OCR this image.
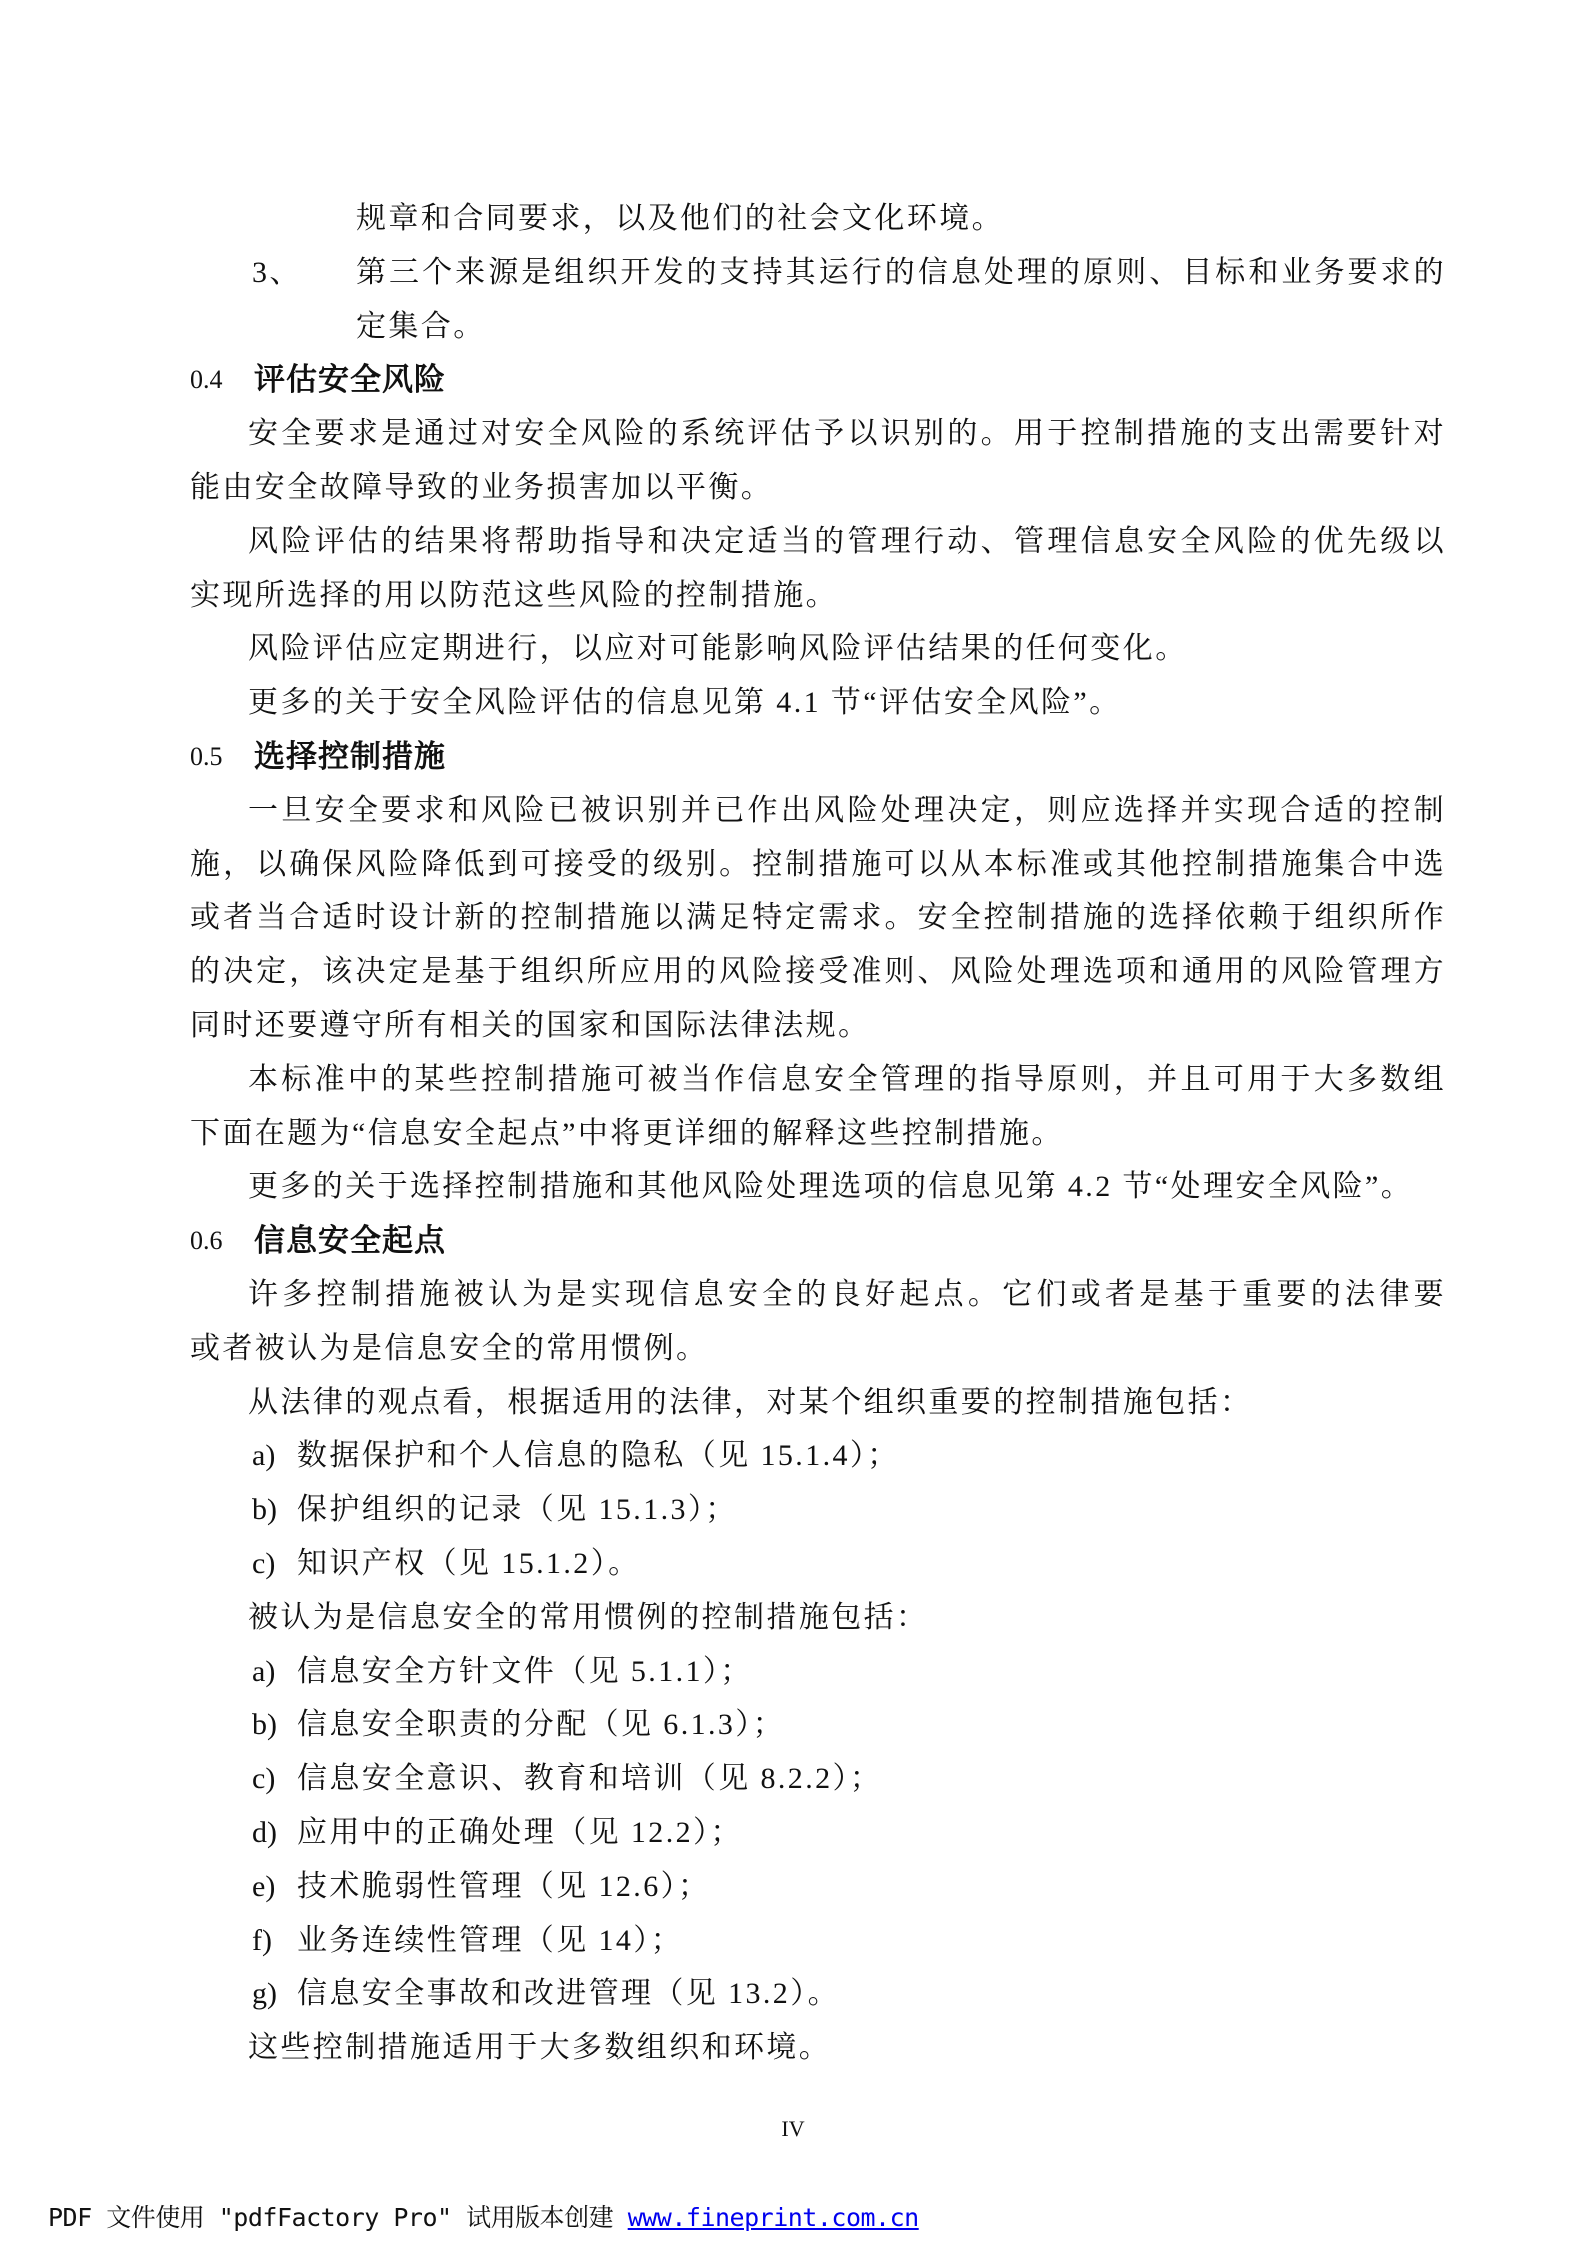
规章和合同要求，以及他们的社会文化环境。
3、 第三个来源是组织开发的支持其运行的信息处理的原则、目标和业务要求的
定集合。
0.4 评估安全风险
安全要求是通过对安全风险的系统评估予以识别的。用于控制措施的支出需要针对
能由安全故障导致的业务损害加以平衡。
风险评估的结果将帮助指导和决定适当的管理行动、管理信息安全风险的优先级以
实现所选择的用以防范这些风险的控制措施。
风险评估应定期进行，以应对可能影响风险评估结果的任何变化。
更多的关于安全风险评估的信息见第 4.1 节“评估安全风险”。
0.5 选择控制措施
一旦安全要求和风险已被识别并已作出风险处理决定，则应选择并实现合适的控制
施，以确保风险降低到可接受的级别。控制措施可以从本标准或其他控制措施集合中选
或者当合适时设计新的控制措施以满足特定需求。安全控制措施的选择依赖于组织所作
的决定，该决定是基于组织所应用的风险接受准则、风险处理选项和通用的风险管理方
同时还要遵守所有相关的国家和国际法律法规。
本标准中的某些控制措施可被当作信息安全管理的指导原则，并且可用于大多数组
下面在题为“信息安全起点”中将更详细的解释这些控制措施。
更多的关于选择控制措施和其他风险处理选项的信息见第 4.2 节“处理安全风险”。
0.6 信息安全起点
许多控制措施被认为是实现信息安全的良好起点。它们或者是基于重要的法律要
或者被认为是信息安全的常用惯例。
从法律的观点看，根据适用的法律，对某个组织重要的控制措施包括：
a) 数据保护和个人信息的隐私（见 15.1.4）；
b) 保护组织的记录（见 15.1.3）；
c) 知识产权（见 15.1.2）。
被认为是信息安全的常用惯例的控制措施包括：
a) 信息安全方针文件（见 5.1.1）；
b) 信息安全职责的分配（见 6.1.3）；
c) 信息安全意识、教育和培训（见 8.2.2）；
d) 应用中的正确处理（见 12.2）；
e) 技术脆弱性管理（见 12.6）；
f) 业务连续性管理（见 14）；
g) 信息安全事故和改进管理（见 13.2）。
这些控制措施适用于大多数组织和环境。
IV
PDF 文件使用 "pdfFactory Pro" 试用版本创建 www.fineprint.com.cn
